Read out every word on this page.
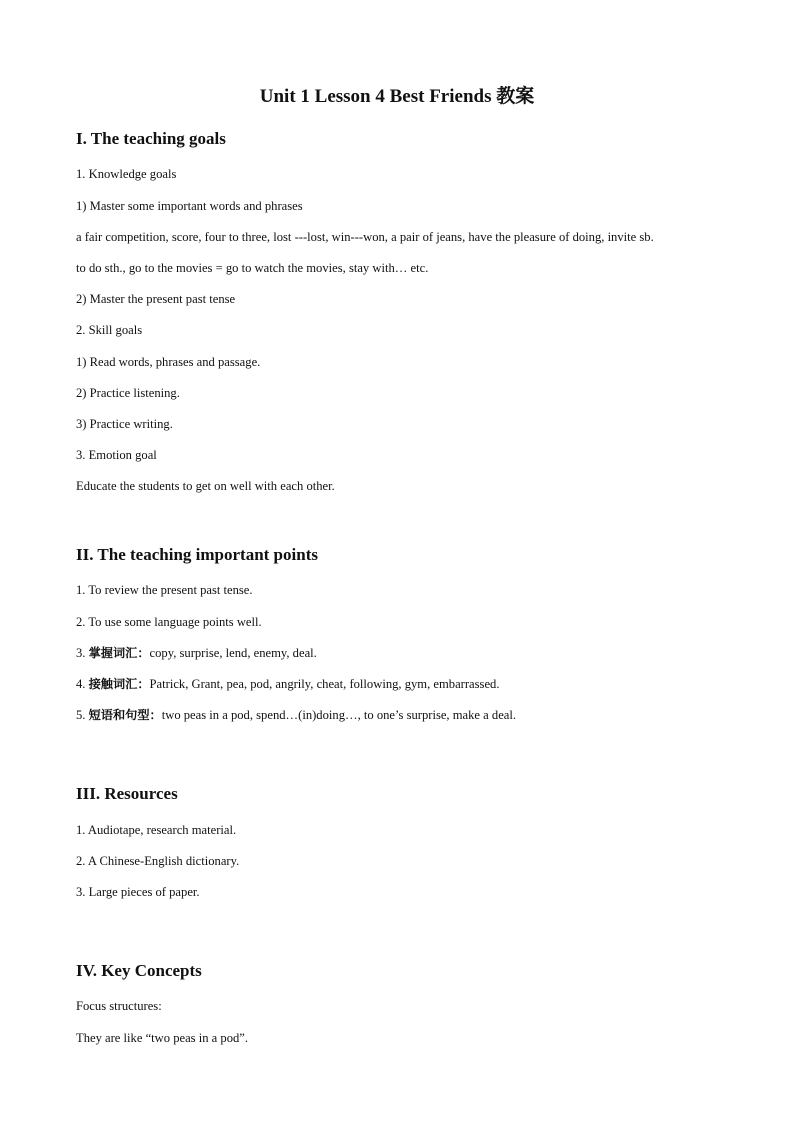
Unit 1 Lesson 4 Best Friends 教案
I. The teaching goals
1. Knowledge goals
1) Master some important words and phrases
a fair competition, score, four to three, lost ---lost, win---won, a pair of jeans, have the pleasure of doing, invite sb.
to do sth., go to the movies = go to watch the movies, stay with… etc.
2) Master the present past tense
2. Skill goals
1) Read words, phrases and passage.
2) Practice listening.
3) Practice writing.
3. Emotion goal
Educate the students to get on well with each other.
II. The teaching important points
1. To review the present past tense.
2. To use some language points well.
3. 掌握词汇：copy, surprise, lend, enemy, deal.
4. 接触词汇：Patrick, Grant, pea, pod, angrily, cheat, following, gym, embarrassed.
5. 短语和句型：two peas in a pod, spend…(in)doing…, to one’s surprise, make a deal.
III. Resources
1. Audiotape, research material.
2. A Chinese-English dictionary.
3. Large pieces of paper.
IV. Key Concepts
Focus structures:
They are like “two peas in a pod”.
